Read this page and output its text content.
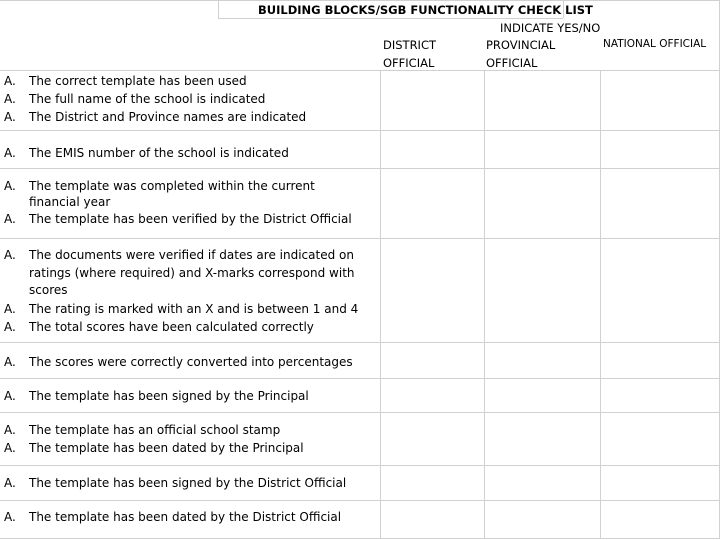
BUILDING BLOCKS/SGB FUNCTIONALITY CHECK LIST
INDICATE YES/NO
DISTRICT
OFFICIAL
PROVINCIAL
OFFICIAL
NATIONAL OFFICIAL
A.	The correct template has been used
A.	The full name of the school is indicated
A.	The District and Province names are indicated
A.	The EMIS number of the school is indicated
A.	The template was completed within the current financial year
A.	The template has been verified by the District Official
A.	The documents were verified if dates are indicated on ratings (where required) and X-marks correspond with scores
A.	The rating is marked with an X and is between 1 and 4
A.	The total scores have been calculated correctly
A.	The scores were correctly converted into percentages
A.	The template has been signed by the Principal
A.	The template has an official school stamp
A.	The template has been dated by the Principal
A.	The template has been signed by the District Official
A.	The template has been dated by the District Official
